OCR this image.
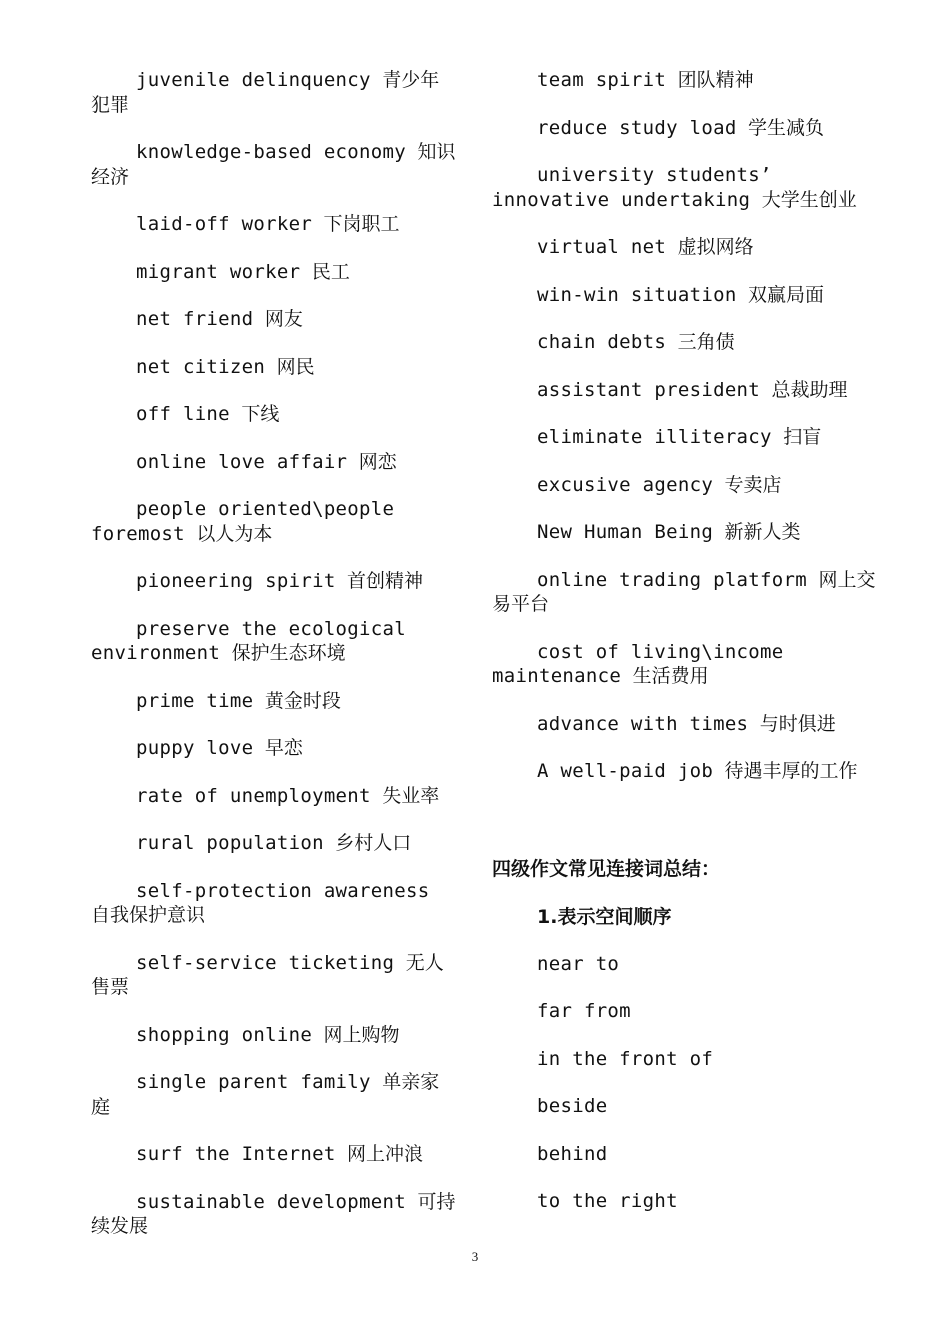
juvenile delinquency 青少年犯罪

knowledge-based economy 知识经济

laid-off worker 下岗职工

migrant worker 民工

net friend 网友

net citizen 网民

off line 下线

online love affair 网恋

people oriented\people foremost 以人为本

pioneering spirit 首创精神

preserve the ecological environment 保护生态环境

prime time 黄金时段

puppy love 早恋

rate of unemployment 失业率

rural population 乡村人口

self-protection awareness 自我保护意识

self-service ticketing 无人售票

shopping online 网上购物

single parent family 单亲家庭

surf the Internet 网上冲浪

sustainable development 可持续发展

team spirit 团队精神

reduce study load 学生减负

university students’ innovative undertaking 大学生创业

virtual net 虚拟网络

win-win situation 双赢局面

chain debts 三角债

assistant president 总裁助理

eliminate illiteracy 扫盲

excusive agency 专卖店

New Human Being 新新人类

online trading platform 网上交易平台

cost of living\income maintenance 生活费用

advance with times 与时俱进

A well-paid job 待遇丰厚的工作

四级作文常见连接词总结：

1.表示空间顺序

near to

far from

in the front of

beside

behind

to the right

3
